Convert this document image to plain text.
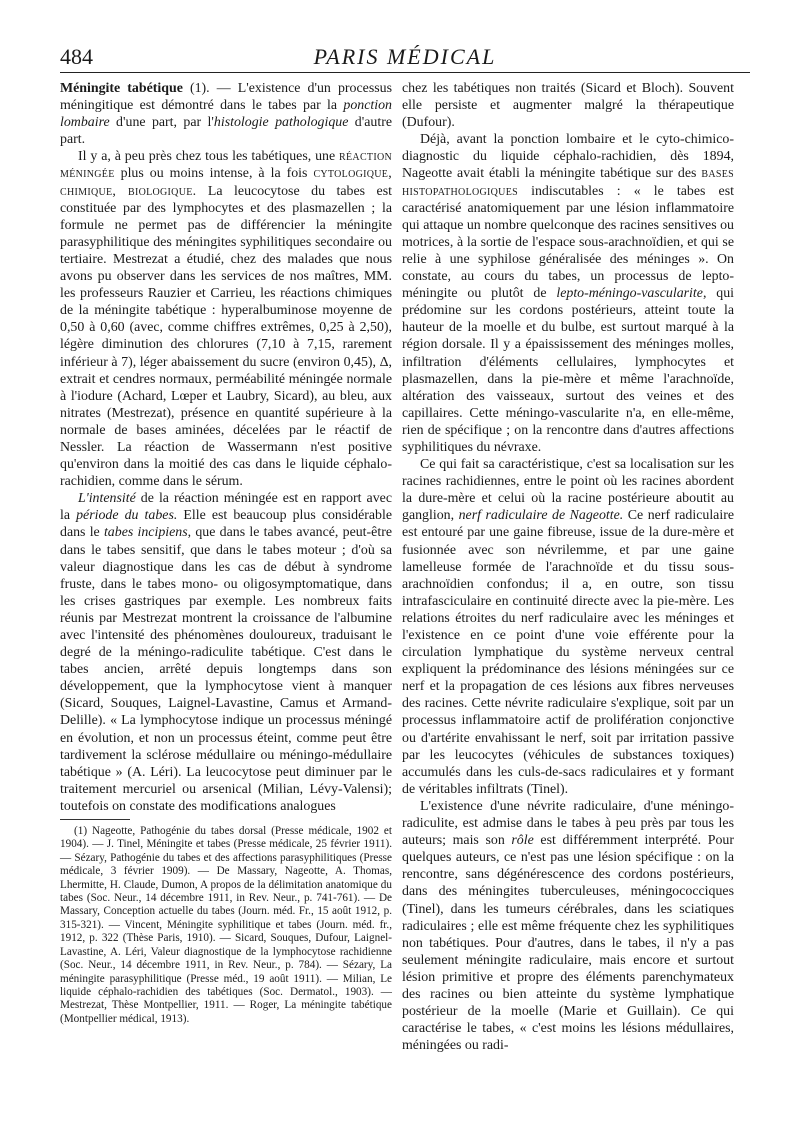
484	PARIS MÉDICAL

Méningite tabétique (1). — L'existence d'un processus méningitique est démontré dans le tabes par la ponction lombaire d'une part, par l'histologie pathologique d'autre part.

Il y a, à peu près chez tous les tabétiques, une réaction méningée plus ou moins intense, à la fois cytologique, chimique, biologique. La leucocytose du tabes est constituée par des lymphocytes et des plasmazellen ; la formule ne permet pas de différencier la méningite parasyphilitique des méningites syphilitiques secondaire ou tertiaire. Mestrezat a étudié, chez des malades que nous avons pu observer dans les services de nos maîtres, MM. les professeurs Rauzier et Carrieu, les réactions chimiques de la méningite tabétique : hyperalbuminose moyenne de 0,50 à 0,60 (avec, comme chiffres extrêmes, 0,25 à 2,50), légère diminution des chlorures (7,10 à 7,15, rarement inférieur à 7), léger abaissement du sucre (environ 0,45), Δ, extrait et cendres normaux, perméabilité méningée normale à l'iodure (Achard, Lœper et Laubry, Sicard), au bleu, aux nitrates (Mestrezat), présence en quantité supérieure à la normale de bases aminées, décelées par le réactif de Nessler. La réaction de Wassermann n'est positive qu'environ dans la moitié des cas dans le liquide céphalo-rachidien, comme dans le sérum.

L'intensité de la réaction méningée est en rapport avec la période du tabes. Elle est beaucoup plus considérable dans le tabes incipiens, que dans le tabes avancé, peut-être dans le tabes sensitif, que dans le tabes moteur ; d'où sa valeur diagnostique dans les cas de début à syndrome fruste, dans le tabes mono- ou oligosymptomatique, dans les crises gastriques par exemple. Les nombreux faits réunis par Mestrezat montrent la croissance de l'albumine avec l'intensité des phénomènes douloureux, traduisant le degré de la méningo-radiculite tabétique. C'est dans le tabes ancien, arrêté depuis longtemps dans son développement, que la lymphocytose vient à manquer (Sicard, Souques, Laignel-Lavastine, Camus et Armand-Delille). « La lymphocytose indique un processus méningé en évolution, et non un processus éteint, comme peut être tardivement la sclérose médullaire ou méningo-médullaire tabétique » (A. Léri). La leucocytose peut diminuer par le traitement mercuriel ou arsenical (Milian, Lévy-Valensi); toutefois on constate des modifications analogues

(1) Nageotte, Pathogénie du tabes dorsal (Presse médicale, 1902 et 1904). — J. Tinel, Méningite et tabes (Presse médicale, 25 février 1911). — Sézary, Pathogénie du tabes et des affections parasyphilitiques (Presse médicale, 3 février 1909). — De Massary, Nageotte, A. Thomas, Lhermitte, H. Claude, Dumon, A propos de la délimitation anatomique du tabes (Soc. Neur., 14 décembre 1911, in Rev. Neur., p. 741-761). — De Massary, Conception actuelle du tabes (Journ. méd. Fr., 15 août 1912, p. 315-321). — Vincent, Méningite syphilitique et tabes (Journ. méd. fr., 1912, p. 322 (Thèse Paris, 1910). — Sicard, Souques, Dufour, Laignel-Lavastine, A. Léri, Valeur diagnostique de la lymphocytose rachidienne (Soc. Neur., 14 décembre 1911, in Rev. Neur., p. 784). — Sézary, La méningite parasyphilitique (Presse méd., 19 août 1911). — Milian, Le liquide céphalo-rachidien des tabétiques (Soc. Dermatol., 1903). — Mestrezat, Thèse Montpellier, 1911. — Roger, La méningite tabétique (Montpellier médical, 1913).

chez les tabétiques non traités (Sicard et Bloch). Souvent elle persiste et augmenter malgré la thérapeutique (Dufour).

Déjà, avant la ponction lombaire et le cyto-chimico-diagnostic du liquide céphalo-rachidien, dès 1894, Nageotte avait établi la méningite tabétique sur des bases histopathologiques indiscutables : « le tabes est caractérisé anatomiquement par une lésion inflammatoire qui attaque un nombre quelconque des racines sensitives ou motrices, à la sortie de l'espace sous-arachnoïdien, et qui se relie à une syphilose généralisée des méninges ». On constate, au cours du tabes, un processus de lepto-méningite ou plutôt de lepto-méningo-vascularite, qui prédomine sur les cordons postérieurs, atteint toute la hauteur de la moelle et du bulbe, est surtout marqué à la région dorsale. Il y a épaississement des méninges molles, infiltration d'éléments cellulaires, lymphocytes et plasmazellen, dans la pie-mère et même l'arachnoïde, altération des vaisseaux, surtout des veines et des capillaires. Cette méningo-vascularite n'a, en elle-même, rien de spécifique ; on la rencontre dans d'autres affections syphilitiques du névraxe.

Ce qui fait sa caractéristique, c'est sa localisation sur les racines rachidiennes, entre le point où les racines abordent la dure-mère et celui où la racine postérieure aboutit au ganglion, nerf radiculaire de Nageotte. Ce nerf radiculaire est entouré par une gaine fibreuse, issue de la dure-mère et fusionnée avec son névrilemme, et par une gaine lamelleuse formée de l'arachnoïde et du tissu sous-arachnoïdien confondus; il a, en outre, son tissu intrafasciculaire en continuité directe avec la pie-mère. Les relations étroites du nerf radiculaire avec les méninges et l'existence en ce point d'une voie efférente pour la circulation lymphatique du système nerveux central expliquent la prédominance des lésions méningées sur ce nerf et la propagation de ces lésions aux fibres nerveuses des racines. Cette névrite radiculaire s'explique, soit par un processus inflammatoire actif de prolifération conjonctive ou d'artérite envahissant le nerf, soit par irritation passive par les leucocytes (véhicules de substances toxiques) accumulés dans les culs-de-sacs radiculaires et y formant de véritables infiltrats (Tinel).

L'existence d'une névrite radiculaire, d'une méningo-radiculite, est admise dans le tabes à peu près par tous les auteurs; mais son rôle est différemment interprété. Pour quelques auteurs, ce n'est pas une lésion spécifique : on la rencontre, sans dégénérescence des cordons postérieurs, dans des méningites tuberculeuses, méningococciques (Tinel), dans les tumeurs cérébrales, dans les sciatiques radiculaires ; elle est même fréquente chez les syphilitiques non tabétiques. Pour d'autres, dans le tabes, il n'y a pas seulement méningite radiculaire, mais encore et surtout lésion primitive et propre des éléments parenchymateux des racines ou bien atteinte du système lymphatique postérieur de la moelle (Marie et Guillain). Ce qui caractérise le tabes, « c'est moins les lésions médullaires, méningées ou radi-
